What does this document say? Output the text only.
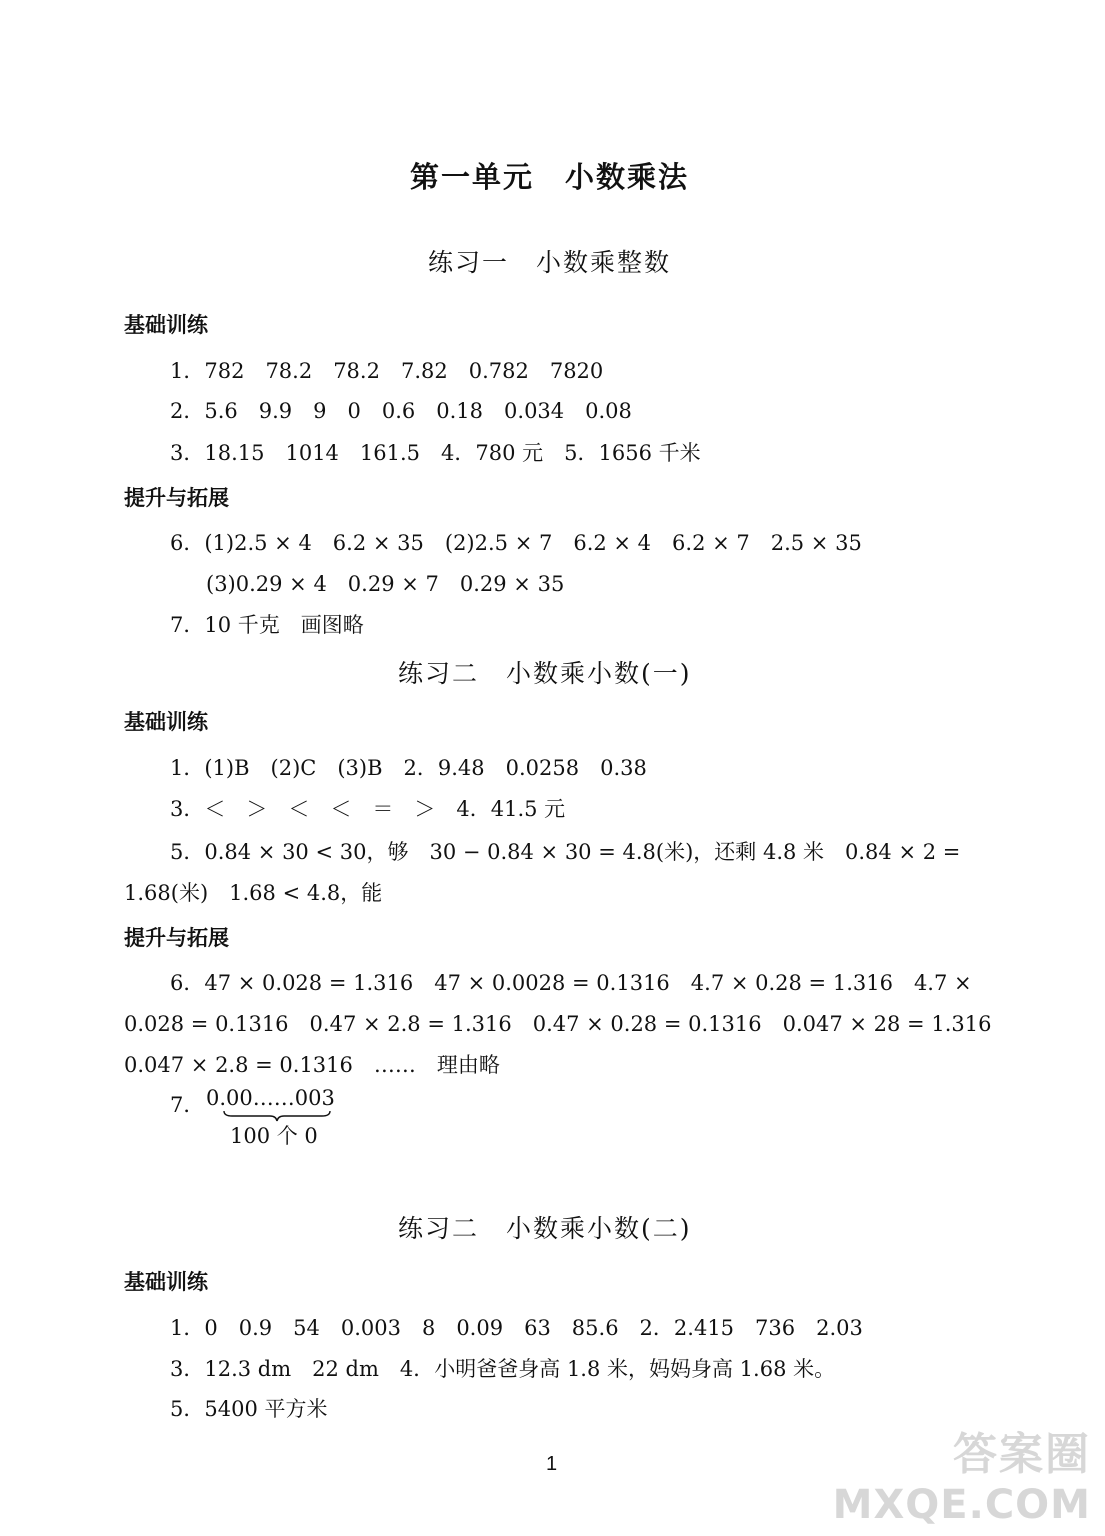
第一单元　小数乘法
练习一　小数乘整数
基础训练
1．782　78.2　78.2　7.82　0.782　7820
2．5.6　9.9　9　0　0.6　0.18　0.034　0.08
3．18.15　1014　161.5　4．780 元　5．1656 千米
提升与拓展
6．(1)2.5 × 4　6.2 × 35　(2)2.5 × 7　6.2 × 4　6.2 × 7　2.5 × 35
(3)0.29 × 4　0.29 × 7　0.29 × 35
7．10 千克　画图略
练习二　小数乘小数(一)
基础训练
1．(1)B　(2)C　(3)B　2．9.48　0.0258　0.38
3．＜　＞　＜　＜　＝　＞　4．41.5 元
5．0.84 × 30 < 30，够　30 − 0.84 × 30 = 4.8(米)，还剩 4.8 米　0.84 × 2 =
1.68(米)　1.68 < 4.8，能
提升与拓展
6．47 × 0.028 = 1.316　47 × 0.0028 = 0.1316　4.7 × 0.28 = 1.316　4.7 ×
0.028 = 0.1316　0.47 × 2.8 = 1.316　0.47 × 0.28 = 0.1316　0.047 × 28 = 1.316
0.047 × 2.8 = 0.1316　……　理由略
7． 0.00……003
100 个 0
练习二　小数乘小数(二)
基础训练
1．0　0.9　54　0.003　8　0.09　63　85.6　2．2.415　736　2.03
3．12.3 dm　22 dm　4．小明爸爸身高 1.8 米，妈妈身高 1.68 米。
5．5400 平方米
1	答案圈
MXQE.COM
